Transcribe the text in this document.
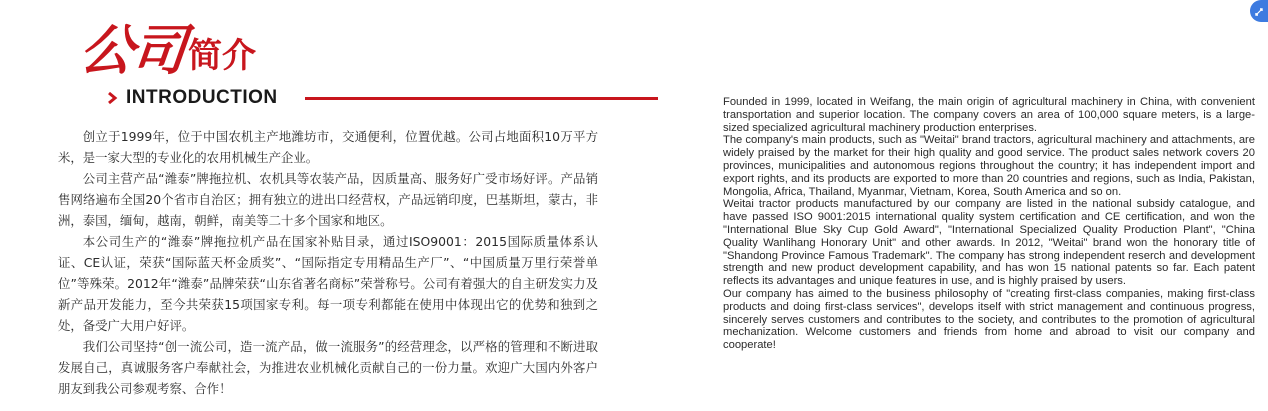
公司 简介
INTRODUCTION

创立于1999年，位于中国农机主产地潍坊市，交通便利，位置优越。公司占地面积10万平方米，是一家大型的专业化的农用机械生产企业。

公司主营产品“潍泰”牌拖拉机、农机具等农装产品，因质量高、服务好广受市场好评。产品销售网络遍布全国20个省市自治区；拥有独立的进出口经营权，产品远销印度，巴基斯坦，蒙古，非洲，泰国，缅甸，越南，朝鲜，南美等二十多个国家和地区。

本公司生产的“潍泰”牌拖拉机产品在国家补贴目录，通过ISO9001：2015国际质量体系认证、CE认证，荣获“国际蓝天杯金质奖”、“国际指定专用精品生产厂”、“中国质量万里行荣誉单位”等殊荣。2012年“潍泰”品牌荣获“山东省著名商标”荣誉称号。公司有着强大的自主研发实力及新产品开发能力，至今共荣获15项国家专利。每一项专利都能在使用中体现出它的优势和独到之处，备受广大用户好评。

我们公司坚持“创一流公司，造一流产品，做一流服务”的经营理念，以严格的管理和不断进取发展自己，真诚服务客户奉献社会，为推进农业机械化贡献自己的一份力量。欢迎广大国内外客户朋友到我公司参观考察、合作！

Founded in 1999, located in Weifang, the main origin of agricultural machinery in China, with convenient transportation and superior location. The company covers an area of 100,000 square meters, is a large-sized specialized agricultural machinery production enterprises.

The company's main products, such as "Weitai" brand tractors, agricultural machinery and attachments, are widely praised by the market for their high quality and good service. The product sales network covers 20 provinces, municipalities and autonomous regions throughout the country; it has independent import and export rights, and its products are exported to more than 20 countries and regions, such as India, Pakistan, Mongolia, Africa, Thailand, Myanmar, Vietnam, Korea, South America and so on.

Weitai tractor products manufactured by our company are listed in the national subsidy catalogue, and have passed ISO 9001:2015 international quality system certification and CE certification, and won the "International Blue Sky Cup Gold Award", "International Specialized Quality Production Plant", "China Quality Wanlihang Honorary Unit" and other awards. In 2012, "Weitai" brand won the honorary title of "Shandong Province Famous Trademark". The company has strong independent reserch and development strength and new product development capability, and has won 15 national patents so far. Each patent reflects its advantages and unique features in use, and is highly praised by users.

Our company has aimed to the business philosophy of "creating first-class companies, making first-class products and doing first-class services", develops itself with strict management and continuous progress, sincerely serves customers and contributes to the society, and contributes to the promotion of agricultural mechanization. Welcome customers and friends from home and abroad to visit our company and cooperate!
